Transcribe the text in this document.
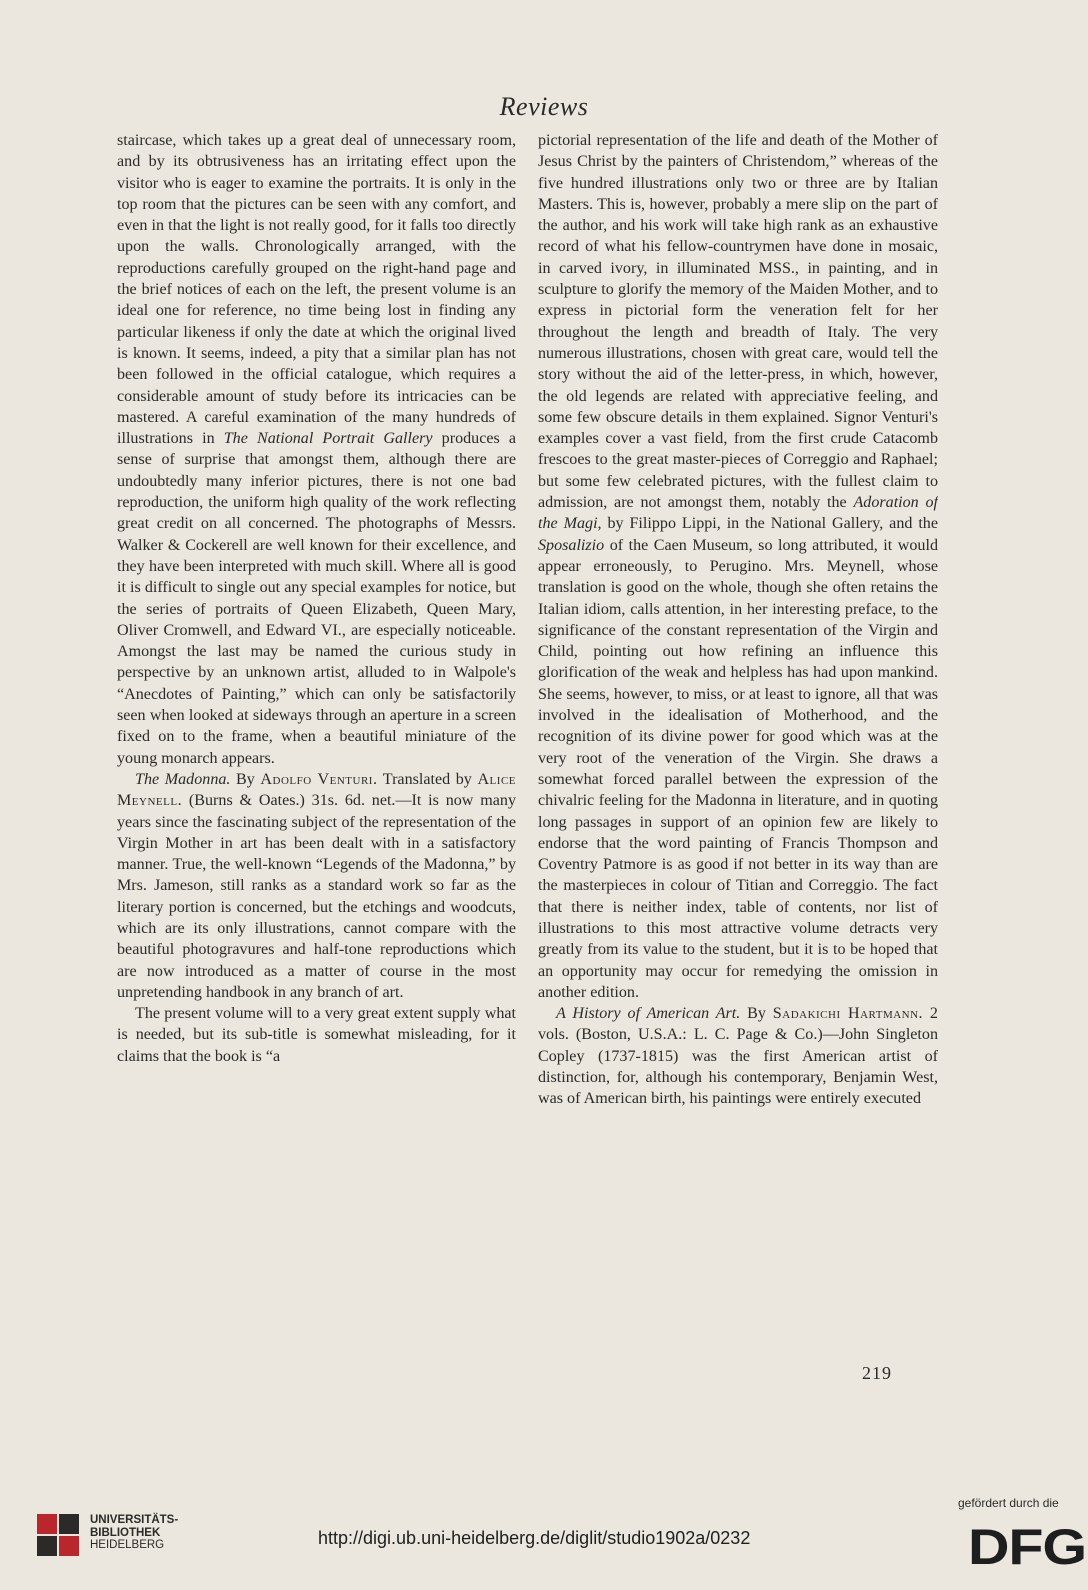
Reviews

staircase, which takes up a great deal of unnecessary room, and by its obtrusiveness has an irritating effect upon the visitor who is eager to examine the portraits. It is only in the top room that the pictures can be seen with any comfort, and even in that the light is not really good, for it falls too directly upon the walls. Chronologically arranged, with the reproductions carefully grouped on the right-hand page and the brief notices of each on the left, the present volume is an ideal one for reference, no time being lost in finding any particular likeness if only the date at which the original lived is known. It seems, indeed, a pity that a similar plan has not been followed in the official catalogue, which requires a considerable amount of study before its intricacies can be mastered. A careful examination of the many hundreds of illustrations in The National Portrait Gallery produces a sense of surprise that amongst them, although there are undoubtedly many inferior pictures, there is not one bad reproduction, the uniform high quality of the work reflecting great credit on all concerned. The photographs of Messrs. Walker & Cockerell are well known for their excellence, and they have been interpreted with much skill. Where all is good it is difficult to single out any special examples for notice, but the series of portraits of Queen Elizabeth, Queen Mary, Oliver Cromwell, and Edward VI., are especially noticeable. Amongst the last may be named the curious study in perspective by an unknown artist, alluded to in Walpole's “Anecdotes of Painting,” which can only be satisfactorily seen when looked at sideways through an aperture in a screen fixed on to the frame, when a beautiful miniature of the young monarch appears.

The Madonna. By Adolfo Venturi. Translated by Alice Meynell. (Burns & Oates.) 31s. 6d. net.—It is now many years since the fascinating subject of the representation of the Virgin Mother in art has been dealt with in a satisfactory manner. True, the well-known “Legends of the Madonna,” by Mrs. Jameson, still ranks as a standard work so far as the literary portion is concerned, but the etchings and woodcuts, which are its only illustrations, cannot compare with the beautiful photogravures and half-tone reproductions which are now introduced as a matter of course in the most unpretending handbook in any branch of art.

The present volume will to a very great extent supply what is needed, but its sub-title is somewhat misleading, for it claims that the book is “a

pictorial representation of the life and death of the Mother of Jesus Christ by the painters of Christendom,” whereas of the five hundred illustrations only two or three are by Italian Masters. This is, however, probably a mere slip on the part of the author, and his work will take high rank as an exhaustive record of what his fellow-countrymen have done in mosaic, in carved ivory, in illuminated MSS., in painting, and in sculpture to glorify the memory of the Maiden Mother, and to express in pictorial form the veneration felt for her throughout the length and breadth of Italy. The very numerous illustrations, chosen with great care, would tell the story without the aid of the letter-press, in which, however, the old legends are related with appreciative feeling, and some few obscure details in them explained. Signor Venturi's examples cover a vast field, from the first crude Catacomb frescoes to the great master-pieces of Correggio and Raphael; but some few celebrated pictures, with the fullest claim to admission, are not amongst them, notably the Adoration of the Magi, by Filippo Lippi, in the National Gallery, and the Sposalizio of the Caen Museum, so long attributed, it would appear erroneously, to Perugino. Mrs. Meynell, whose translation is good on the whole, though she often retains the Italian idiom, calls attention, in her interesting preface, to the significance of the constant representation of the Virgin and Child, pointing out how refining an influence this glorification of the weak and helpless has had upon mankind. She seems, however, to miss, or at least to ignore, all that was involved in the idealisation of Motherhood, and the recognition of its divine power for good which was at the very root of the veneration of the Virgin. She draws a somewhat forced parallel between the expression of the chivalric feeling for the Madonna in literature, and in quoting long passages in support of an opinion few are likely to endorse that the word painting of Francis Thompson and Coventry Patmore is as good if not better in its way than are the masterpieces in colour of Titian and Correggio. The fact that there is neither index, table of contents, nor list of illustrations to this most attractive volume detracts very greatly from its value to the student, but it is to be hoped that an opportunity may occur for remedying the omission in another edition.

A History of American Art. By Sadakichi Hartmann. 2 vols. (Boston, U.S.A.: L. C. Page & Co.)—John Singleton Copley (1737-1815) was the first American artist of distinction, for, although his contemporary, Benjamin West, was of American birth, his paintings were entirely executed

219
UNIVERSITÄTS-
BIBLIOTHEK
HEIDELBERG	http://digi.ub.uni-heidelberg.de/diglit/studio1902a/0232
gefördert durch die
DFG
